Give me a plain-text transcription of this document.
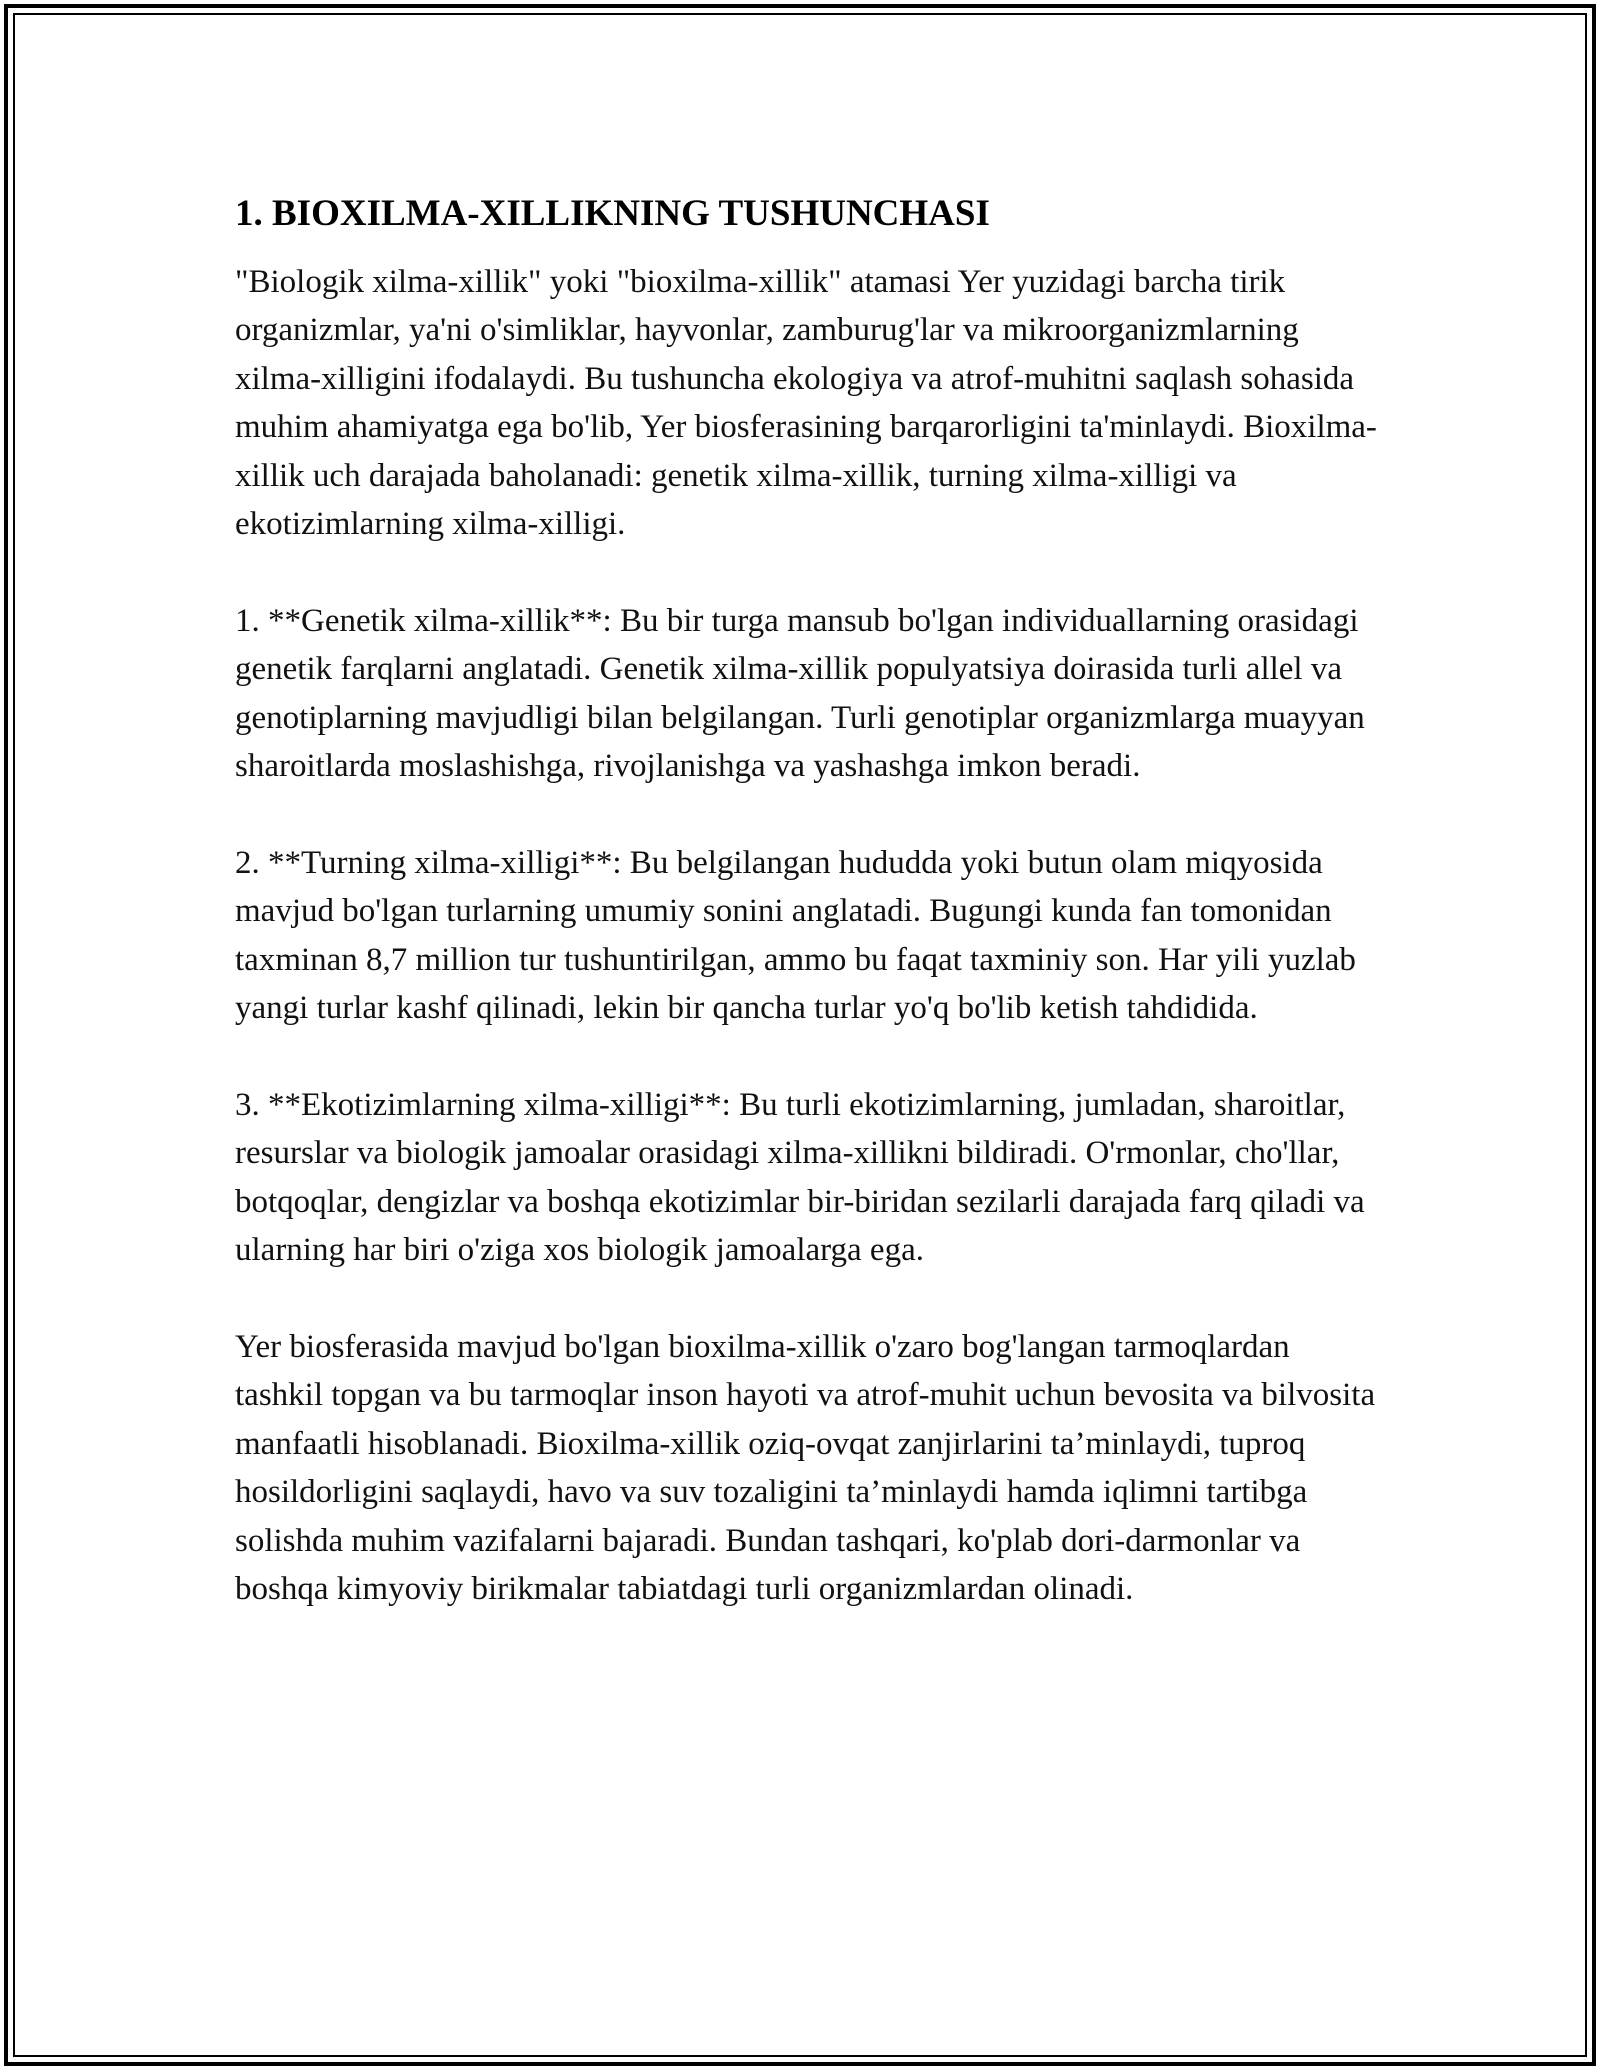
1. BIOXILMA-XILLIKNING TUSHUNCHASI

"Biologik xilma-xillik" yoki "bioxilma-xillik" atamasi Yer yuzidagi barcha tirik organizmlar, ya'ni o'simliklar, hayvonlar, zamburug'lar va mikroorganizmlarning xilma-xilligini ifodalaydi. Bu tushuncha ekologiya va atrof-muhitni saqlash sohasida muhim ahamiyatga ega bo'lib, Yer biosferasining barqarorligini ta'minlaydi. Bioxilma-xillik uch darajada baholanadi: genetik xilma-xillik, turning xilma-xilligi va ekotizimlarning xilma-xilligi.

1. **Genetik xilma-xillik**: Bu bir turga mansub bo'lgan individuallarning orasidagi genetik farqlarni anglatadi. Genetik xilma-xillik populyatsiya doirasida turli allel va genotiplarning mavjudligi bilan belgilangan. Turli genotiplar organizmlarga muayyan sharoitlarda moslashishga, rivojlanishga va yashashga imkon beradi.

2. **Turning xilma-xilligi**: Bu belgilangan hududda yoki butun olam miqyosida mavjud bo'lgan turlarning umumiy sonini anglatadi. Bugungi kunda fan tomonidan taxminan 8,7 million tur tushuntirilgan, ammo bu faqat taxminiy son. Har yili yuzlab yangi turlar kashf qilinadi, lekin bir qancha turlar yo'q bo'lib ketish tahdidida.

3. **Ekotizimlarning xilma-xilligi**: Bu turli ekotizimlarning, jumladan, sharoitlar, resurslar va biologik jamoalar orasidagi xilma-xillikni bildiradi. O'rmonlar, cho'llar, botqoqlar, dengizlar va boshqa ekotizimlar bir-biridan sezilarli darajada farq qiladi va ularning har biri o'ziga xos biologik jamoalarga ega.

Yer biosferasida mavjud bo'lgan bioxilma-xillik o'zaro bog'langan tarmoqlardan tashkil topgan va bu tarmoqlar inson hayoti va atrof-muhit uchun bevosita va bilvosita manfaatli hisoblanadi. Bioxilma-xillik oziq-ovqat zanjirlarini ta’minlaydi, tuproq hosildorligini saqlaydi, havo va suv tozaligini ta’minlaydi hamda iqlimni tartibga solishda muhim vazifalarni bajaradi. Bundan tashqari, ko'plab dori-darmonlar va boshqa kimyoviy birikmalar tabiatdagi turli organizmlardan olinadi.
